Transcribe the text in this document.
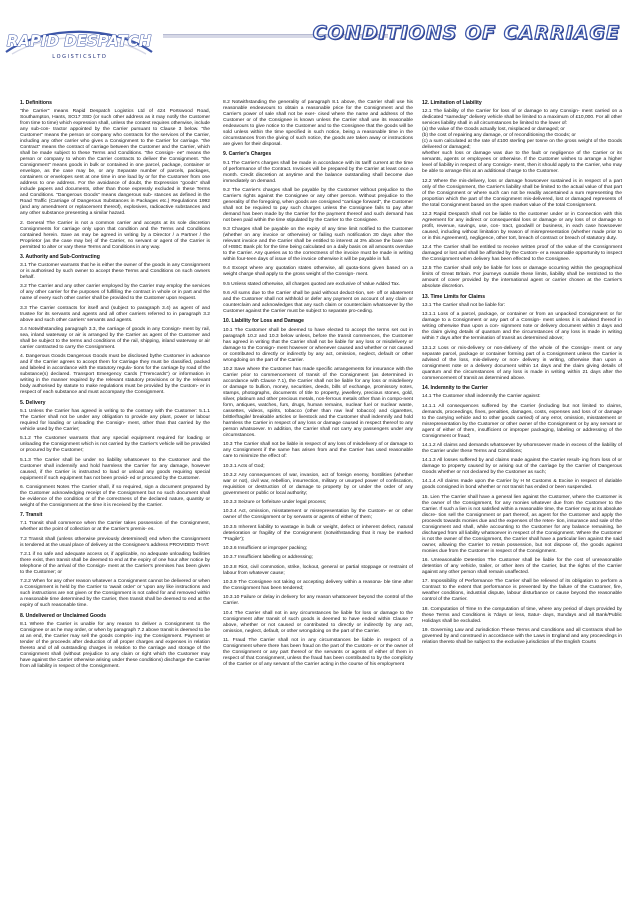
RAPID DESPATCH
L O G I S T I C S L T D
CONDITIONS OF CARRIAGE
1. Definitions

"the Carrier" means Rapid Despatch Logistics Ltd of 424 Portswood Road, Southampton, Hants, SO17 3SD (or such other address as it may notify the Customer from time to time) which expression shall, unless the context requires otherwise, include any sub-con- tractor appointed by the Carrier pursuant to Clause 3 below. "the Customer" means the person or company who contracts for the services of the Carrier, including any other carrier who gives a Consignment to the Carrier for carriage. "the Contract" means the contract of carriage between the Customer and the Carrier, which shall be made subject to these Terms and Conditions. "the Consign- ee" means the person or company to whom the Carrier contracts to deliver the Consignment. "the Consignment" means goods in bulk or contained in one parcel, package, container or envelope, as the case may be, or any Separate number of parcels, packages, containers or envelopes sent at one time in one load by or for the Customer from one address to one address. For the avoidance of doubt, the Expression "goods" shall include papers and documents, other than those expressly excluded in these Terms and Conditions. "Dangerous Goods" means dangerous sub- stances as defined in the Road Traffic (Carriage of Dangerous Substances in Packages etc.) Regulations 1992 (and any amendment or replacement thereof), explosives, radioactive substances and any other substance presenting a similar hazard.

2. General The Carrier is not a common carrier and accepts at its sole discretion Consignments for carriage only upon that condition and the Terms and Conditions contained herein. Save as may be agreed in writing by a Director / a Partner / the Proprietor (as the case may be) of the Carrier, no servant or agent of the Carrier is permitted to alter or vary these Terms and Conditions in any way.

3. Authority and Sub-Contracting

3.1 The Customer warrants that he is either the owner of the goods in any Consignment or is authorised by such owner to accept these Terms and Conditions on such owners behalf.

3.2 The Carrier and any other carrier employed by the Carrier may employ the services of any other carrier for the purposes of fulfilling the contract in whole or in part and the name of every such other carrier shall be provided to the Customer upon request.

3.3 The Carrier contracts for itself and (subject to paragraph 3.4) as agent of and trustee for its servants and agents and all other carriers referred to in paragraph 3.2 above and such other carriers' servants and agents.

3.4 Notwithstanding paragraph 3.3, the carriage of goods in any Consign- ment by rail, sea, inland waterway or air is arranged by the Carrier as agent of the Customer and shall be subject to the terms and conditions of the rail, shipping, inland waterway or air carrier contracted to carry the Consignment.

4. Dangerous Goods Dangerous Goods must be disclosed bythe Customer in advance and if the Carrier agrees to accept them for Carriage they must be classified, packed and labeled in accordance with the statutory regula- tions for the carriage by road of the substance(s) declared. Transport Emergency Cards ("Tremcards") or information in writing in the manner required by the relevant statutory provisions or by the relevant body authorised by statute to make regulations must be provided by the Custom- er in respect of each substance and must accompany the Consignment.

5. Delivery

5.1 Unless the Carrier has agreed in writing to the contrary with the Customer: 5.1.1 The Carrier shall not be under any obligation to provide any plant, power or labour required for loading or unloading the Consign- ment, other than that carried by the vehicle used by the Carrier;

5.1.2 The Customer warrants that any special equipment required for loading or unloading the Consignment which is not carried by the Carrier's vehicle will be provided or procured by the Customer;

5.1.3 The Carrier shall be under no liability whatsoever to the Customer and the Customer shall indemnify and hold harmless the Carrier for any damage, however caused, if the Carrier is instructed to load or unload any goods requiring special equipment if such equipment has not been provid- ed or procured by the Customer.

6. Consignment Notes The Carrier shall, if so required, sign a document prepared by the Customer acknowledging receipt of the Consignment but no such document shall be evidence of the condition or of the correctness of the declared nature, quantity or weight of the Consignment at the time it is received by the Carrier.

7. Transit

7.1 Transit shall commence when the Carrier takes possession of the Consignment, whether at the point of collection or at the Carrier's premis- es.

7.2 Transit shall (unless otherwise previously determined) end when the Consignment is tendered at the usual place of delivery at the Consignee's address PROVIDED THAT:

7.2.1 if no safe and adequate access or, if applicable, no adequate unloading facilities there exist, then transit shall be deemed to end at the expiry of one hour after notice by telephone of the arrival of the Consign- ment at the Carrier's premises has been given to the Customer; or

7.2.2 When for any other reason whatever a Consignment cannot be delivered or when a Consignment is held by the Carrier to 'await order' or 'upon any like instructions and such instructions are not given or the Consignment is not called for and removed within a reasonable time determined by the Carrier, then transit shall be deemed to end at the expiry of such reasonable time.

8. Undelivered or Unclaimed Goods

8.1 Where the Carrier is unable for any reason to deliver a Consignment to the Consignee or as he may order, or when by paragraph 7.2 above transit is deemed to be at an end, the Carrier may sell the goods compris- ing the Consignment. Payment or tender of the proceeds after deduction of all proper charges and expenses in relation thereto and of all outstanding charges in relation to the carriage and storage of the Consignment shall (without prejudice to any claim or right which the Customer may have against the Carrier otherwise arising under these conditions) discharge the Carrier from all liability in respect of the Consignment.

8.2 Notwithstanding the generality of paragraph 8.1 above, the Carrier shall use his reasonable endeavours to obtain a reasonable price for the Consignment and the Carrier's power of sale shall not be exer- cised where the name and address of the Customer or of the Consignee is known unless the Carrier shall use its reasonable endeavours to give notice to the Customer and to the Consignee that the goods will be sold unless within the time specified in such notice, being a reasonable time in the circumstances from the giving of such notice, the goods are taken away or instructions are given for their disposal.

9. Carrier's Charges

9.1 The Carrier's charges shall be made in accordance with its tariff current at the time of performance of the Contract. Invoices will be prepared by the Carrier at least once a month. Credit discretion at anytime and the balance outstanding shall become due immediately on demand.

9.2 The Carrier's charges shall be payable by the Customer without prejudice to the Carrier's rights against the Consignee or any other person. Without prejudice to the generality of the foregoing, when goods are consigned "carriage forward", the Customer shall not be required to pay such charges unless the Consignee fails to pay after demand has been made by the Carrier for the payment thereof and such demand has not been paid within the time stipulated by the Carrier to the Consignee.

9.3 Charges shall be payable on the expiry of any time limit notified to the Customer (whether on any invoice or otherwise) or failing such notification 30 days after the relevant invoice and the Carrier shall be entitled to interest at 3% above the base rate of HSBC Bank plc for the time being calculated on a daily basis on all amounts overdue to the Carrier. Any queries as to the correctness of the invoice must be made in writing within four-teen days of issue of the invoice otherwise it will be payable in full.

9.4 Except where any quotation states otherwise, all quota-tions given based on a weight charge shall apply to the gross weight of the Consign- ment.

9.5 Unless stated otherwise, all charges quoted are exclusive of Value Added Tax.

9.6 All sums due to the Carrier shall be paid without deduct-tion, set- off or abatement and the Customer shall not withhold or defer any payment on account of any claim or counterclaim and acknowledges that any such claim or counterclaim whatsoever by the Customer against the Carrier must be subject to separate pro-ceding.

10. Liability for Loss and Damage

10.1 The Customer shall be deemed to have elected to accept the terms set out in paragraph 10.2 and 10.3 below unless, before the transit commences, the Customer has agreed in writing that the Carrier shall not be liable for any loss or misdelivery or damage to the Consign- ment however or whenever caused and whether or not caused or contributed to directly or indirectly by any act, omission, neglect, default or other wrongdoing on the part of the Carrier.

10.2 Save where the Customer has made specific arrangements for insurance with the Carrier prior to commencement of transit of the Consignment (as determined in accordance with Clause 7.1), the Carrier shall not be liable for any loss or misdelivery or damage to bullion, money, securities, deeds, bills of exchange, promissory notes, stamps, photographs, documents of title to property, jewellery, precious stones, gold, silver, platinum and other precious metals, non-ferrous metals other than in compo-nent form, antiques, watches, furs, drugs, human remains, nuclear fuel or nuclear waste, cassettes, videos, spirits, tobacco (other than raw leaf tobacco) and cigarettes, brittle/fragile/ breakable articles or livestock and the Customer shall indemnify and hold harmless the Carrier in respect of any loss or damage caused in respect thereof to any person whatsoever. In addition, the Carrier shall not carry any passengers under any circumstances.

10.3 The Carrier shall not be liable in respect of any loss of misdelivery of or damage to any Consignment if the same has arisen from and the Carrier has used reasonable care to minimize the effect of:

10.3.1 Acts of God;

10.3.2 Any consequences of war, invasion, act of foreign enemy, hostilities (whether war or not), civil war, rebellion, insurrection, military or usurped power of confiscation, requisition or destruction of or damage to property by or under the order of any government or public or local authority;

10.3.3 Seizure or forfeiture under legal process;

10.3.4 Act, omission, misstatement or misrepresentation by the Custom- er or other owner of the Consignment or by servants or agents of either of them;

10.3.5 Inherent liability to wastage in bulk or weight, defect or inherent defect, natural deterioration or fragility of the Consignment (notwithstanding that it may be marked "Fragile");

10.3.6 Insufficient or improper packing;

10.3.7 Insufficient labelling or addressing;

10.3.8 Riot, civil commotion, strike, lockout, general or partial stoppage or restraint of labour from whatever cause;

10.3.9 The Consignee not taking or accepting delivery within a reasona- ble time after the Consignment has been tendered;

10.3.10 Failure or delay in delivery for any reason whatsoever beyond the control of the Carrier.

10.4 The Carrier shall not in any circumstances be liable for loss or damage to the Consignment after transit of such goods is deemed to have ended within Clause 7 above, whether or not caused or contributed to directly or indirectly by any act, omission, neglect, default, or other wrongdoing on the part of the Carrier.

11. Fraud The Carrier shall not in any circumstances be liable in respect of a Consignment where there has been fraud on the part of the Custom- er or the owner of the Consignment or any part thereof or the servants or agents of either of them in respect of that Consignment, unless the fraud has been contributed to by the complicity of the Carrier or of any servant of the Carrier acting in the course of his employment

12. Limitation of Liability

12.1 The liability of the Carrier for loss of or damage to any Consign- ment carried on a dedicated "sameday" delivery vehicle shall be limited to a maximum of £10,000. For all other services liability shall in all circumstances be limited to the lower of:
(a) the value of the Goods actually lost, misplaced or damaged; or
(b) the cost of repairing any damage, or of reconditioning the Goods; or
(c) a sum calculated at the rate of £100 sterling per tonne on the gross weight of the Goods delivered or damaged;
whether such loss or damage was due to the fault or negligence of the Carrier or its servants, agents or employees or otherwise. If the Customer wishes to arrange a higher level of liability in respect of any Consign- ment, then it should apply to the Carrier, who may be able to arrange this at an additional charge to the Customer.

12.2 Where the mis-delivery, loss or damage howsoever sustained is in respect of a part only of the Consignment, the Carrier's liability shall be limited to the actual value of that part of the Consignment or where such can not be readily ascertained a sum representing the proportion which the part of the Consignment mis-delivered, lost or damaged represents of the total Consignment based on the open market value of the total Consignment.

12.3 Rapid Despatch shall not be liable to the customer under or in Connection with this Agreement for any indirect or consequential loss or damage or any loss of or damage to profit, revenue, savings, use, con- tract, goodwill or business, in each case howsoever caused, including without limitation by reason of misrepresentation (whether made prior to or in this Agreement), negligence, other tort, breach of contract or breach of statutory duty.

12.4 The Carrier shall be entitled to receive written proof of the value of the Consignment damaged or lost and shall be afforded by the Custom- er a reasonable opportunity to inspect the Consignment when delivery has been effected to the Consignee.

12.5 The Carrier shall only be liable for loss or damage occurring within the geographical limits of Great Britain. For journeys outside these limits, liability shall be restricted to the amount of cover provided by the international agent or carrier chosen at the Carrier's absolute discretion.

13. Time Limits for Claims

13.1 The Carrier shall not be liable for:

13.1.1 Loss of a parcel, package, or container or from an unpacked Consignment or for damage to a Consignment or any part of a Consign- ment unless it is advised thereof in writing otherwise than upon a con- signment note or delivery document within 3 days and the claim giving details of quantum and the circumstances of any loss is made in writing within 7 days after the termination of transit as determined above;

13.1.2 Loss or mis-delivery or non-delivery of the whole of the Consign- ment or any separate parcel, package or container forming part of a Consignment unless the Carrier is advised of the loss, mis-delivery or non- delivery in writing, otherwise than upon a consignment note or a delivery document within 14 days and the claim giving details of quantum and the circumstances of any loss is made in writing within 21 days after the commencement of transit as determined above.

14. Indemnity to the Carrier

14.1 The Customer shall indemnify the Carrier against:

14.1.1 All consequences suffered by the Carrier (including but not limited to claims, demands, proceedings, fines, penalties, damages, costs, expenses and loss of or damage to the carrying vehicle and to other goods carried) of any error, omission, misstatement or misrepresentation by the Customer or other owner of the Consignment or by any servant or agent of either of them, insufficient or improper packaging, labeling or addressing of the Consignment or fraud;

14.1.2 All claims and demands whatsoever by whomsoever made in excess of the liability of the Carrier under these Terms and Conditions;

14.1.3 All losses suffered by and claims made against the Carrier result- ing from loss of or damage to property caused by or arising out of the carriage by the Carrier of Dangerous Goods whether or not declared by the Customer as such;

14.1.4 All claims made upon the Carrier by H M Customs & Excise in respect of dutiable goods consigned in bond whether or not transit has ended or been suspended.

15. Lien The Carrier shall have a general lien against the Customer, where the Customer is the owner of the Consignment, for any monies whatever due from the Customer to the Carrier. If such a lien is not satisfied within a reasonable time, the Carrier may at its absolute discre- tion sell the Consignment or part thereof, as agent for the Customer and apply the proceeds towards monies due and the expenses of the reten- tion, insurance and sale of the Consignment and shall, while accounting to the Customer for any balance remaining, be discharged from all liability whatsoever in respect of the Consignment. Where the Customer is not the owner of the Consignment, the Carrier shall have a particular lien against the said owner, allowing the Carrier to retain possession, but not dispose of, the goods against monies due from the Customer in respect of the Consignment.

16. Unreasonable Detention The Customer shall be liable for the cost of unreasonable detention of any vehicle, trailer, or other item of the Carrier, but the rights of the Carrier against any other person shall remain unaffected.

17. Impossibility of Performance The Carrier shall be relieved of its obligation to perform a Contract to the extent that performance is prevented by the failure of the Customer, fire, weather conditions, industrial dispute, labour disturbance or cause beyond the reasonable control of the Carrier.

18. Computation of Time In the computation of time, where any period of days provided by these Terms and Conditions is 7days or less, Satur- days, Sundays and all Bank/Public Holidays shall be excluded.

19. Governing Law and Jurisdiction These Terms and Conditions and all Contracts shall be governed by and construed in accordance with the Laws in England and any proceedings in relation thereto shall be subject to the exclusive jurisdiction of the English Courts
